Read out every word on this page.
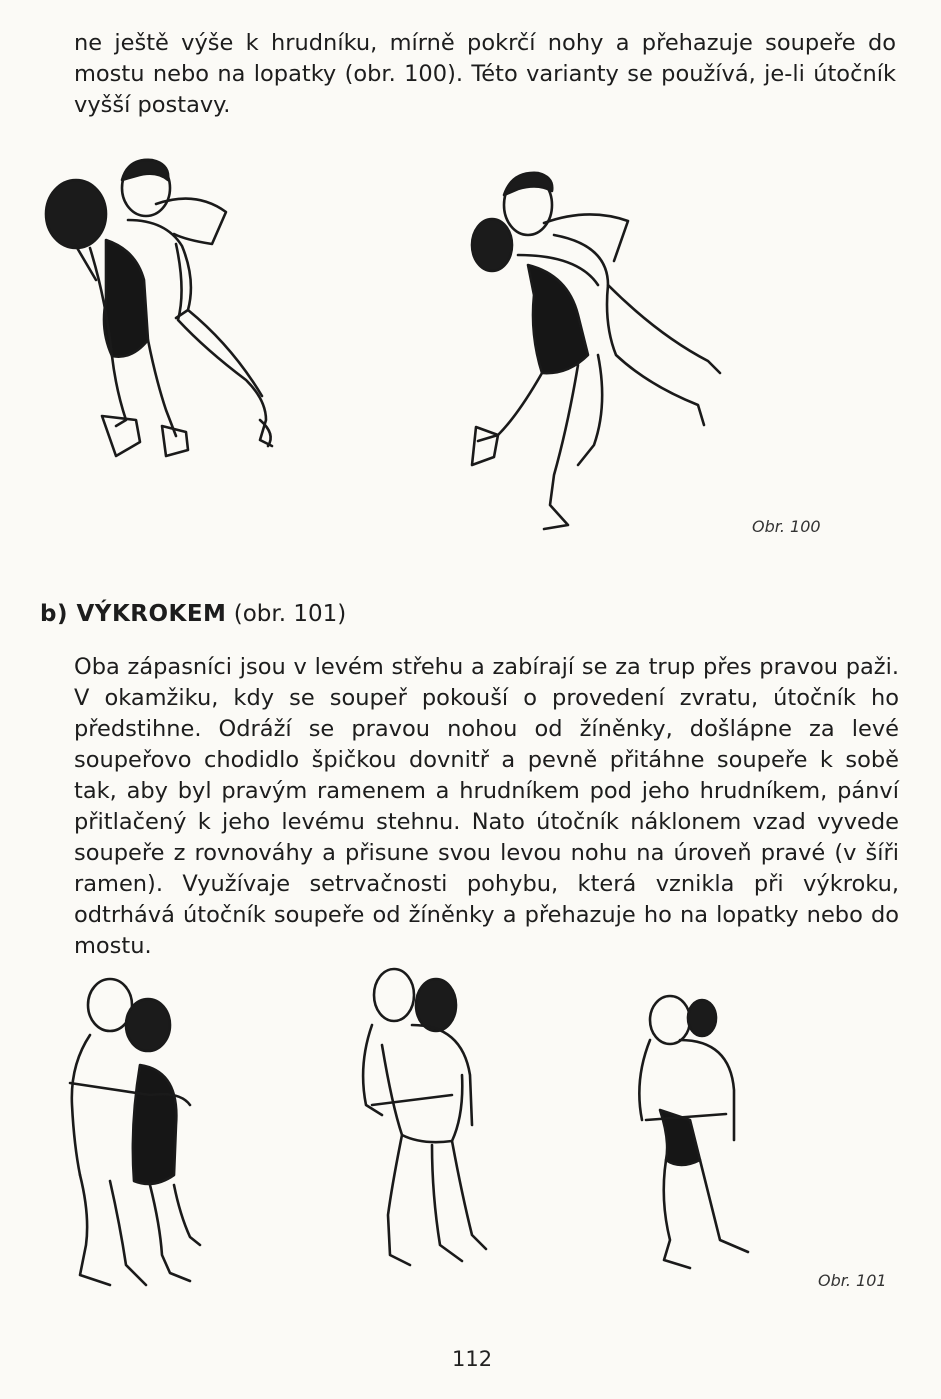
ne ještě výše k hrudníku, mírně pokrčí nohy a přehazuje soupeře do mostu nebo na lopatky (obr. 100). Této varianty se používá, je-li útočník vyšší postavy.
Obr. 100
b) VÝKROKEM (obr. 101)
Oba zápasníci jsou v levém střehu a zabírají se za trup přes pravou paži. V okamžiku, kdy se soupeř pokouší o provedení zvratu, útočník ho předstihne. Odráží se pravou nohou od žíněnky, došlápne za levé soupeřovo chodidlo špičkou dovnitř a pevně přitáhne soupeře k sobě tak, aby byl pravým ramenem a hrudníkem pod jeho hrudníkem, pánví přitlačený k jeho levému stehnu. Nato útočník náklonem vzad vyvede soupeře z rovnováhy a přisune svou levou nohu na úroveň pravé (v šíři ramen). Využívaje setrvačnosti pohybu, která vznikla při výkroku, odtrhává útočník soupeře od žíněnky a přehazuje ho na lopatky nebo do mostu.
Obr. 101
112
